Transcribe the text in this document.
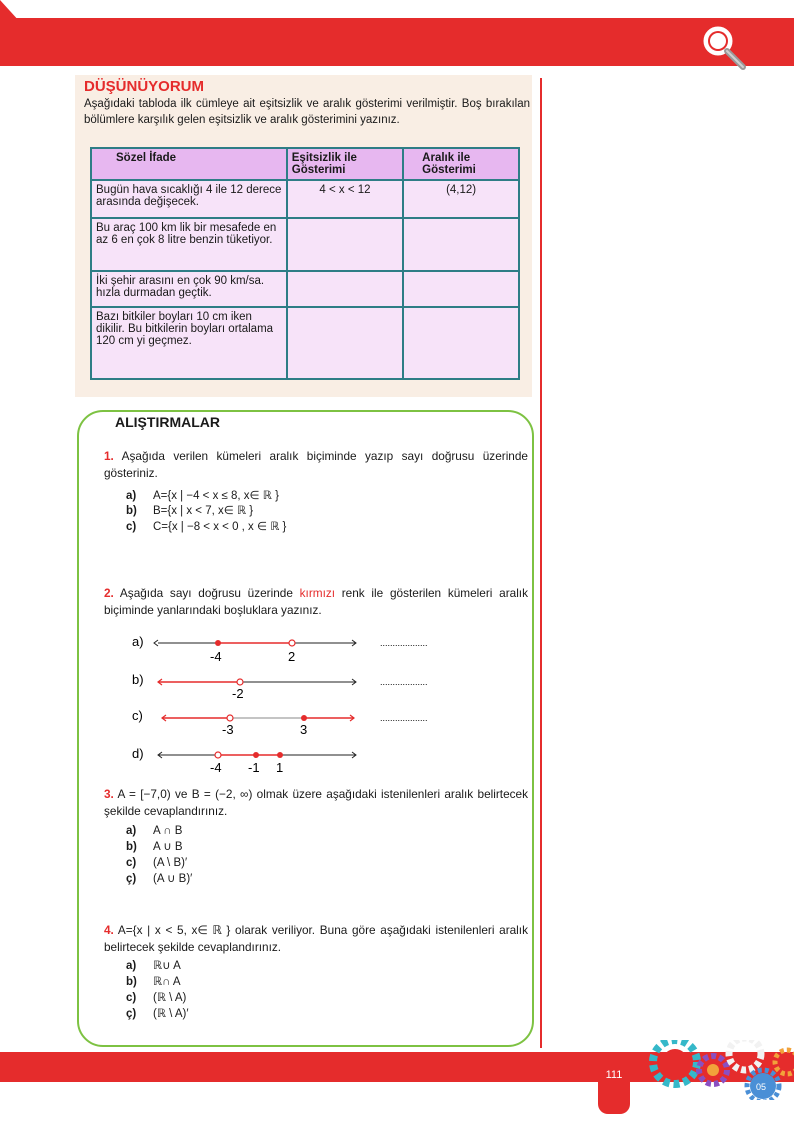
DÜŞÜNÜYORUM
Aşağıdaki tabloda ilk cümleye ait eşitsizlik ve aralık gösterimi verilmiştir. Boş bırakılan bölümlere karşılık gelen eşitsizlik ve aralık gösterimini yazınız.
Sözel İfade	Eşitsizlik ile Gösterimi	Aralık ile Gösterimi
Bugün hava sıcaklığı 4 ile 12 derece arasında değişecek.	4 < x < 12	(4,12)
Bu araç 100 km lik bir mesafede en az 6 en çok 8 litre benzin tüketiyor.		
İki şehir arasını en çok 90 km/sa. hızla durmadan geçtik.		
Bazı bitkiler boyları 10 cm iken dikilir. Bu bitkilerin boyları ortalama 120 cm yi geçmez.		
ALIŞTIRMALAR
1. Aşağıda verilen kümeleri aralık biçiminde yazıp sayı doğrusu üzerinde gösteriniz.
a) A={x | −4 < x ≤ 8, x∈ ℝ }
b) B={x | x < 7, x∈ ℝ }
c) C={x | −8 < x < 0 , x ∈ ℝ }
2. Aşağıda sayı doğrusu üzerinde kırmızı renk ile gösterilen kümeleri aralık biçiminde yanlarındaki boşluklara yazınız.
a)
-4	2
...................
b)
-2
...................
c)
-3	3
...................
d)
-4 -1 1
3. A = [−7,0) ve B = (−2, ∞) olmak üzere aşağıdaki istenilenleri aralık belirtecek şekilde cevaplandırınız.
a) A ∩ B
b) A ∪ B
c) (A \ B)′
ç) (A ∪ B)′
4. A={x | x < 5, x∈ ℝ } olarak veriliyor. Buna göre aşağıdaki istenilenleri aralık belirtecek şekilde cevaplandırınız.
a) ℝ∪ A
b) ℝ∩ A
c) (ℝ \ A)
ç) (ℝ \ A)′
111
05
